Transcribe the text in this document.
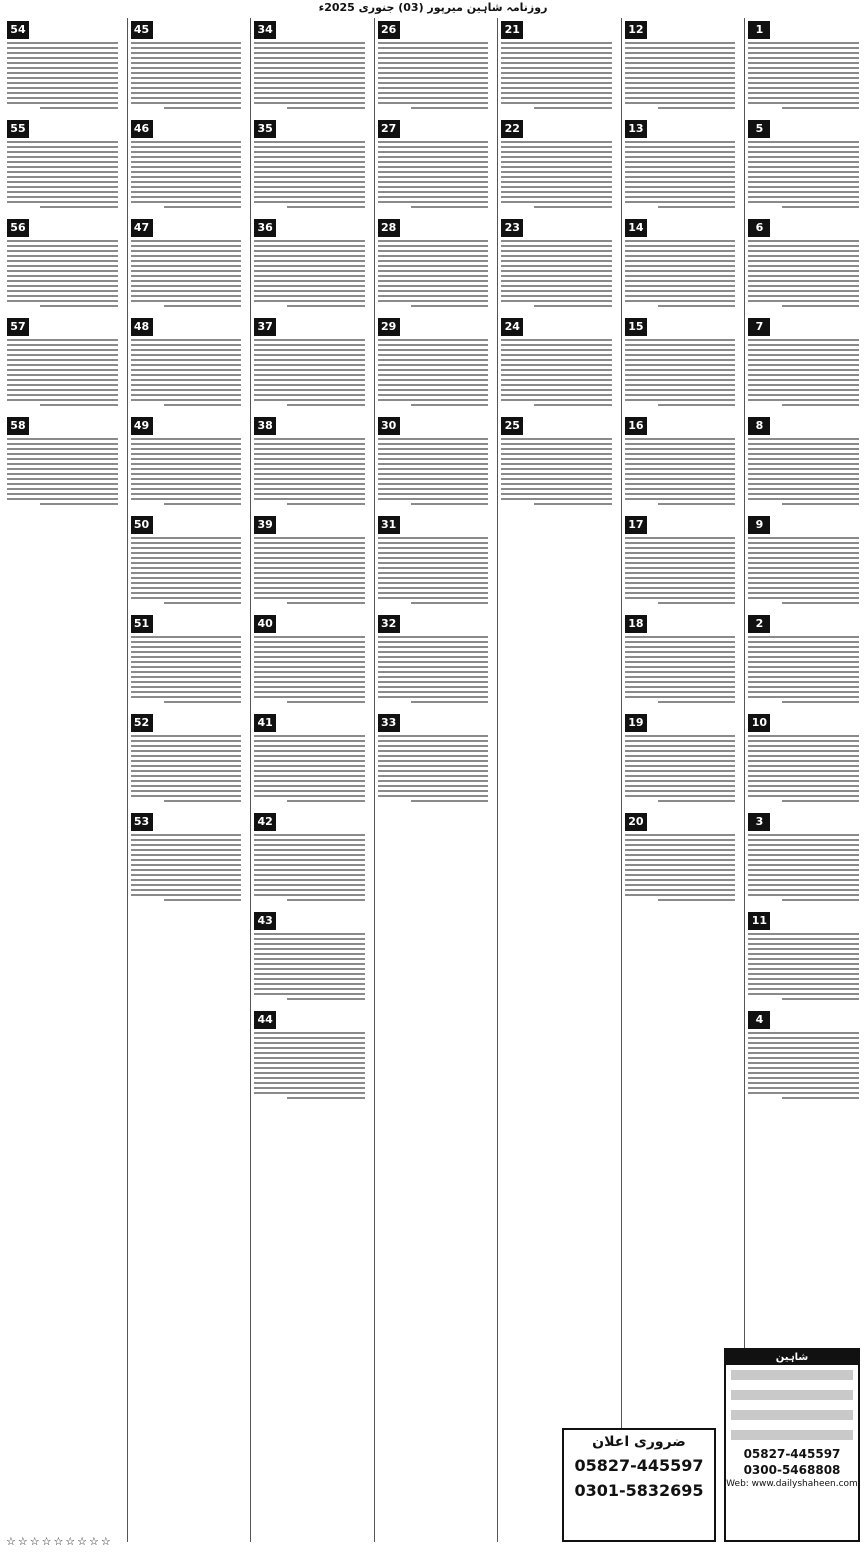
روزنامہ شاہین میرپور (03) جنوری 2025ء
1
5
6
7
8
9
2
10
3
11
4
12
13
14
15
16
17
18
19
20
21
22
23
24
25
26
27
28
29
30
31
32
33
34
35
36
37
38
39
40
41
42
43
44
45
46
47
48
49
50
51
52
53
54
55
56
57
58
ضروری اعلان
05827-445597
0301-5832695
شاہین
05827-445597
0300-5468808
Web: www.dailyshaheen.com
☆☆☆☆☆☆☆☆☆
